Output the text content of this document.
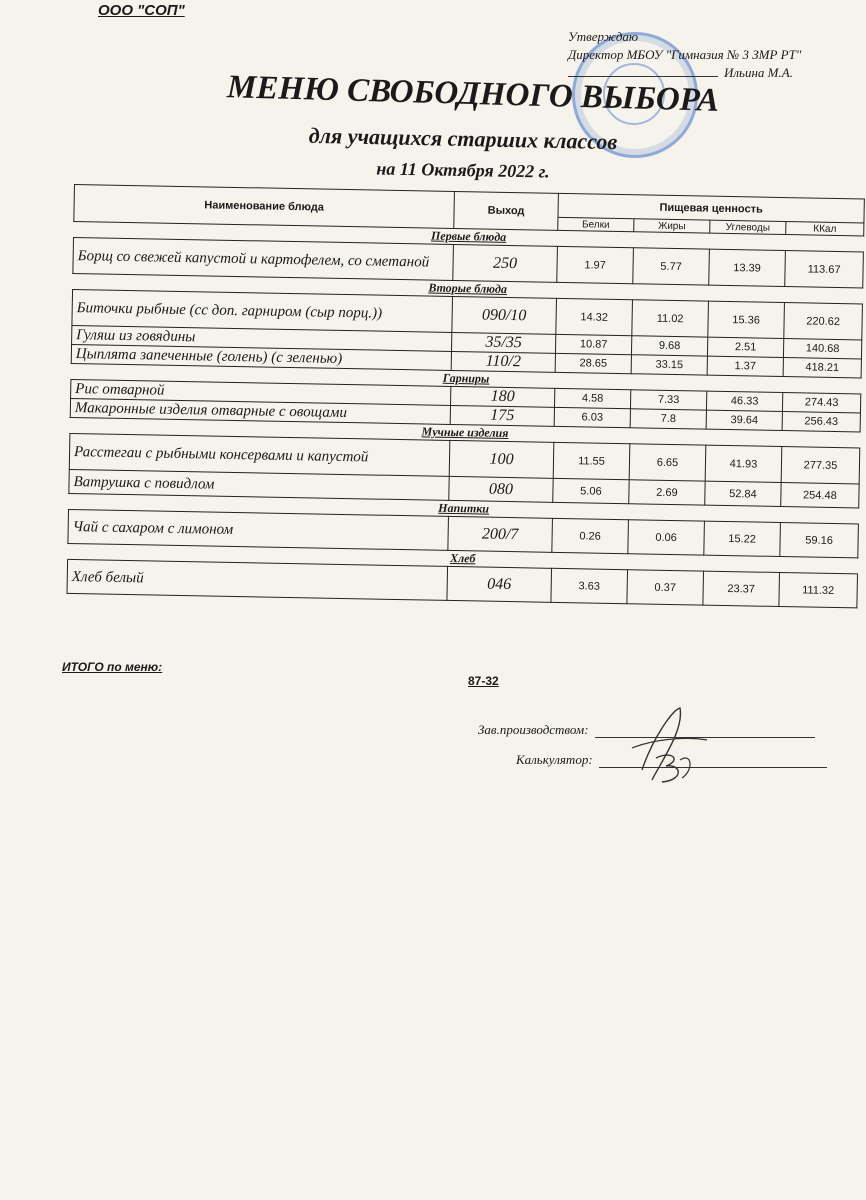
ООО "СОП"
Утверждаю
Директор МБОУ "Гимназия № 3 ЗМР РТ"
Ильина М.А.
МЕНЮ СВОБОДНОГО ВЫБОРА
для учащихся старших классов
на 11 Октября 2022 г.
Наименование блюда	Выход	Пищевая ценность			
		Белки	Жиры	Углеводы	ККал
Первые блюда					
Борщ со свежей капустой и картофелем, со сметаной	250	1.97	5.77	13.39	113.67
Вторые блюда					
Биточки рыбные (сс доп. гарниром (сыр порц.))	090/10	14.32	11.02	15.36	220.62
Гуляш из говядины	35/35	10.87	9.68	2.51	140.68
Цыплята запеченные (голень) (с зеленью)	110/2	28.65	33.15	1.37	418.21
Гарниры					
Рис отварной	180	4.58	7.33	46.33	274.43
Макаронные изделия отварные с овощами	175	6.03	7.8	39.64	256.43
Мучные изделия					
Расстегаи с рыбными консервами и капустой	100	11.55	6.65	41.93	277.35
Ватрушка с повидлом	080	5.06	2.69	52.84	254.48
Напитки					
Чай с сахаром с лимоном	200/7	0.26	0.06	15.22	59.16
Хлеб					
Хлеб белый	046	3.63	0.37	23.37	111.32
ИТОГО по меню:
87-32
Зав.производством:
Калькулятор:
